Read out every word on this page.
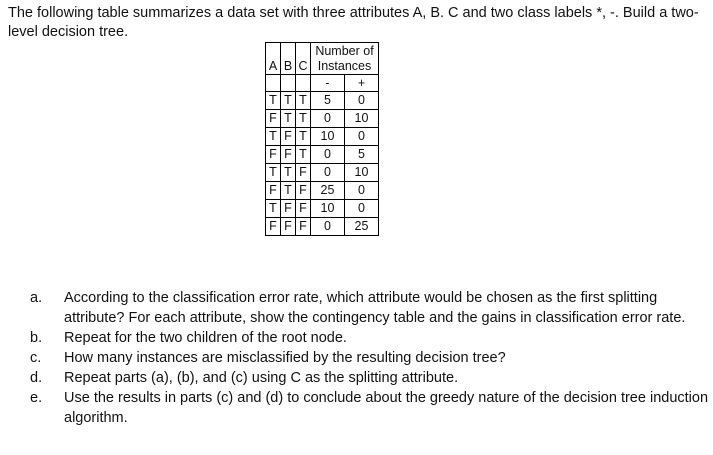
The following table summarizes a data set with three attributes A, B. C and two class labels *, -. Build a two-level decision tree.

A	B	C	Number of Instances	

			-	+
T	T	T	5	0
F	T	T	0	10
T	F	T	10	0
F	F	T	0	5
T	T	F	0	10
F	T	F	25	0
T	F	F	10	0
F	F	F	0	25
a.	According to the classification error rate, which attribute would be chosen as the first splitting attribute? For each attribute, show the contingency table and the gains in classification error rate.
b.	Repeat for the two children of the root node.
c.	How many instances are misclassified by the resulting decision tree?
d.	Repeat parts (a), (b), and (c) using C as the splitting attribute.
e.	Use the results in parts (c) and (d) to conclude about the greedy nature of the decision tree induction algorithm.
